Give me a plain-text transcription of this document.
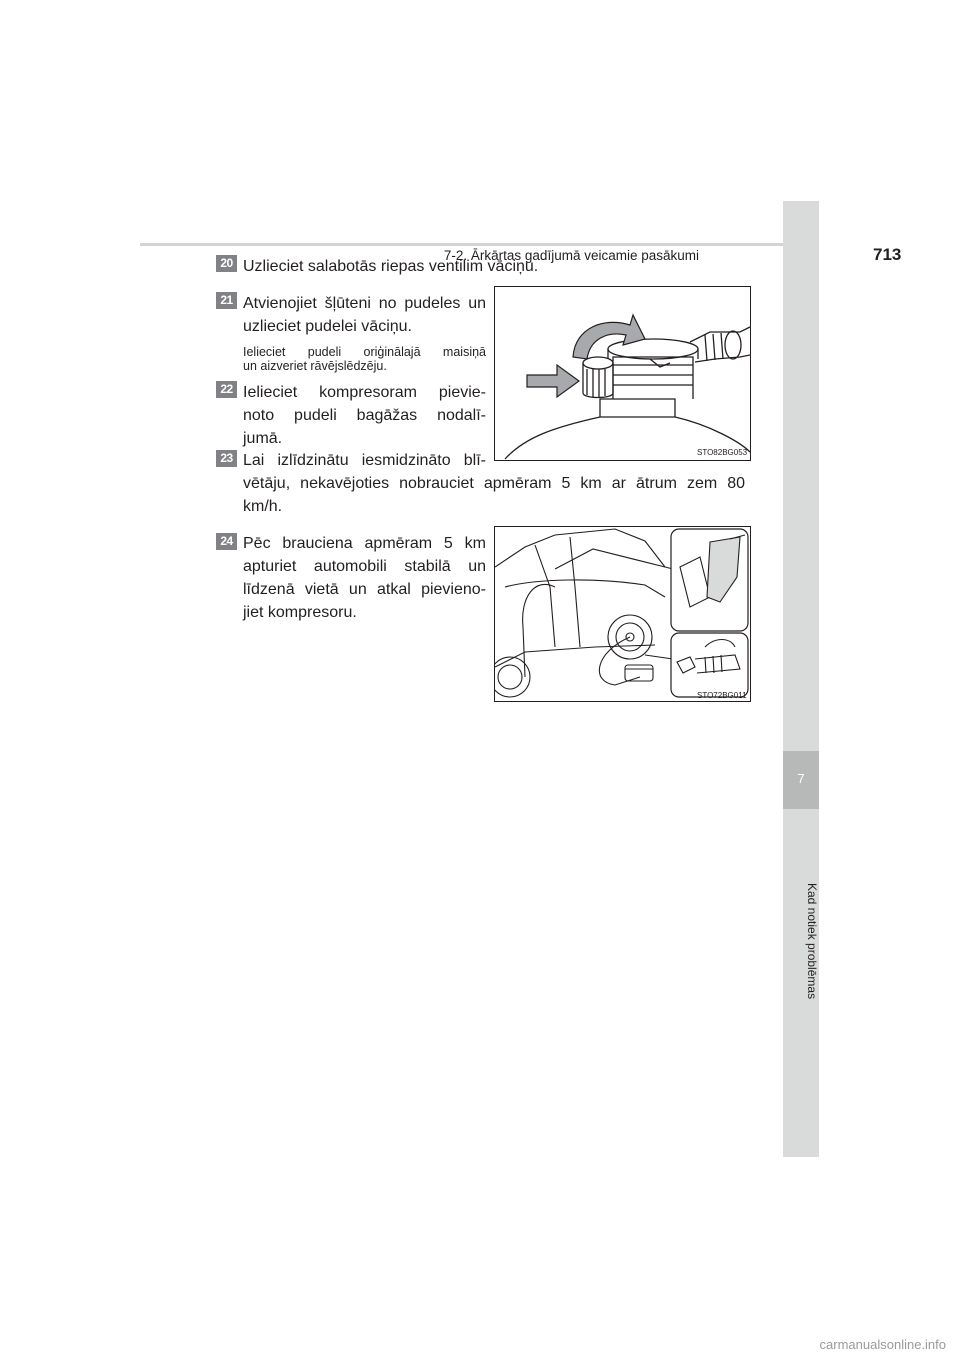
7-2. Ārkārtas gadījumā veicamie pasākumi	713
7
Kad notiek problēmas
20 Uzlieciet salabotās riepas ventilim vāciņu.
21 Atvienojiet šļūteni no pudeles un
uzlieciet pudelei vāciņu.
Ielieciet pudeli oriģinālajā maisiņā
un aizveriet rāvējslēdzēju.
22 Ielieciet kompresoram pievie-
noto pudeli bagāžas nodalī-
jumā.
23 Lai izlīdzinātu iesmidzināto blī-
vētāju, nekavējoties nobrauciet apmēram 5 km ar ātrum zem 80
km/h.
24 Pēc brauciena apmēram 5 km
apturiet automobili stabilā un
līdzenā vietā un atkal pievieno-
jiet kompresoru.
STO82BG053
STO72BG011
carmanualsonline.info
